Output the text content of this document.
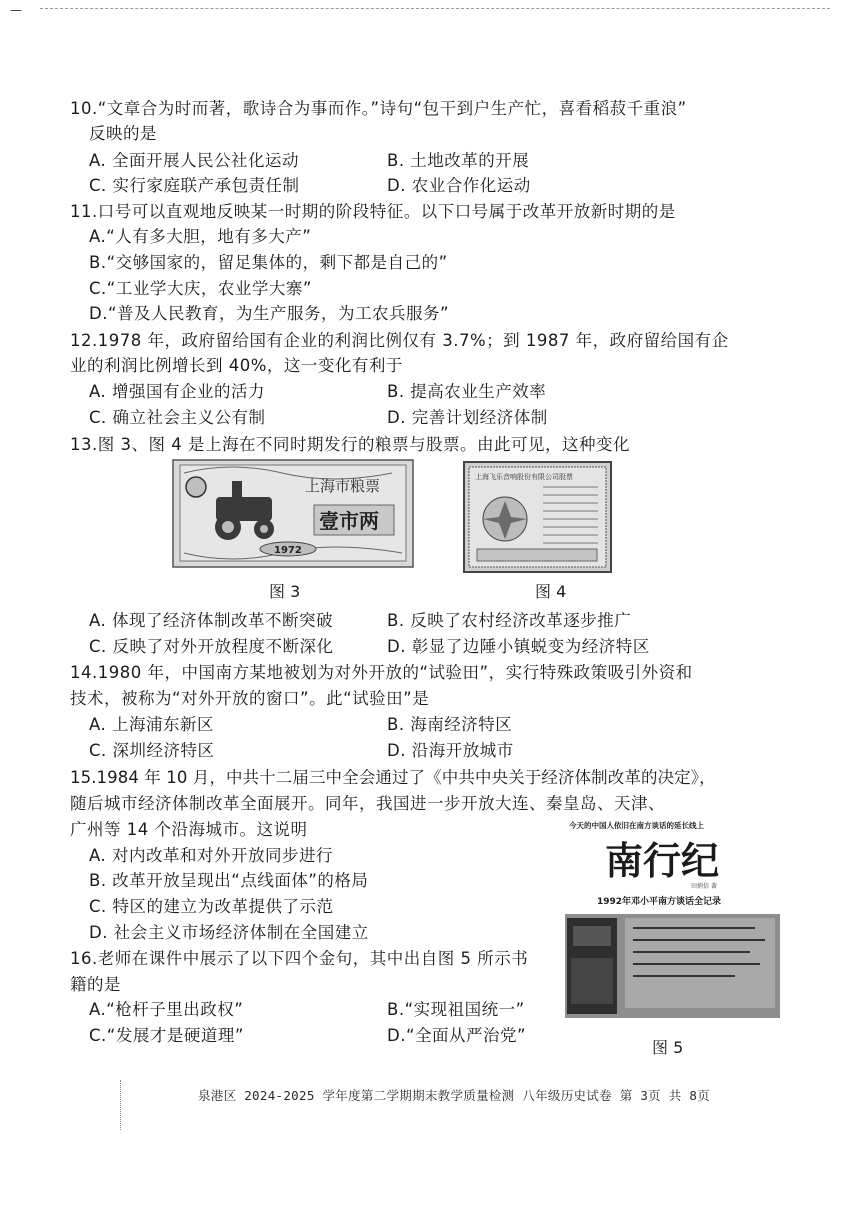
—
10.“文章合为时而著，歌诗合为事而作。”诗句“包干到户生产忙，喜看稻菽千重浪”
反映的是
A. 全面开展人民公社化运动	B. 土地改革的开展
C. 实行家庭联产承包责任制	D. 农业合作化运动
11.口号可以直观地反映某一时期的阶段特征。以下口号属于改革开放新时期的是
A.“人有多大胆，地有多大产”
B.“交够国家的，留足集体的，剩下都是自己的”
C.“工业学大庆，农业学大寨”
D.“普及人民教育，为生产服务，为工农兵服务”
12.1978 年，政府留给国有企业的利润比例仅有 3.7%；到 1987 年，政府留给国有企
业的利润比例增长到 40%，这一变化有利于
A. 增强国有企业的活力	B. 提高农业生产效率
C. 确立社会主义公有制	D. 完善计划经济体制
13.图 3、图 4 是上海在不同时期发行的粮票与股票。由此可见，这种变化
上海市粮票
壹市两
1972
图 3
上海飞乐音响股份有限公司股票
图 4
A. 体现了经济体制改革不断突破	B. 反映了农村经济改革逐步推广
C. 反映了对外开放程度不断深化	D. 彰显了边陲小镇蜕变为经济特区
14.1980 年，中国南方某地被划为对外开放的“试验田”，实行特殊政策吸引外资和
技术，被称为“对外开放的窗口”。此“试验田”是
A. 上海浦东新区	B. 海南经济特区
C. 深圳经济特区	D. 沿海开放城市
15.1984 年 10 月，中共十二届三中全会通过了《中共中央关于经济体制改革的决定》，
随后城市经济体制改革全面展开。同年，我国进一步开放大连、秦皇岛、天津、
广州等 14 个沿海城市。这说明
A. 对内改革和对外开放同步进行
B. 改革开放呈现出“点线面体”的格局
C. 特区的建立为改革提供了示范
D. 社会主义市场经济体制在全国建立
16.老师在课件中展示了以下四个金句，其中出自图 5 所示书
籍的是
A.“枪杆子里出政权”	B.“实现祖国统一”
C.“发展才是硬道理”	D.“全面从严治党”
今天的中国人依旧在南方谈话的延长线上
南行纪
田炳信 著
1992年邓小平南方谈话全记录
图 5
泉港区 2024-2025 学年度第二学期期末教学质量检测 八年级历史试卷 第 3页 共 8页
